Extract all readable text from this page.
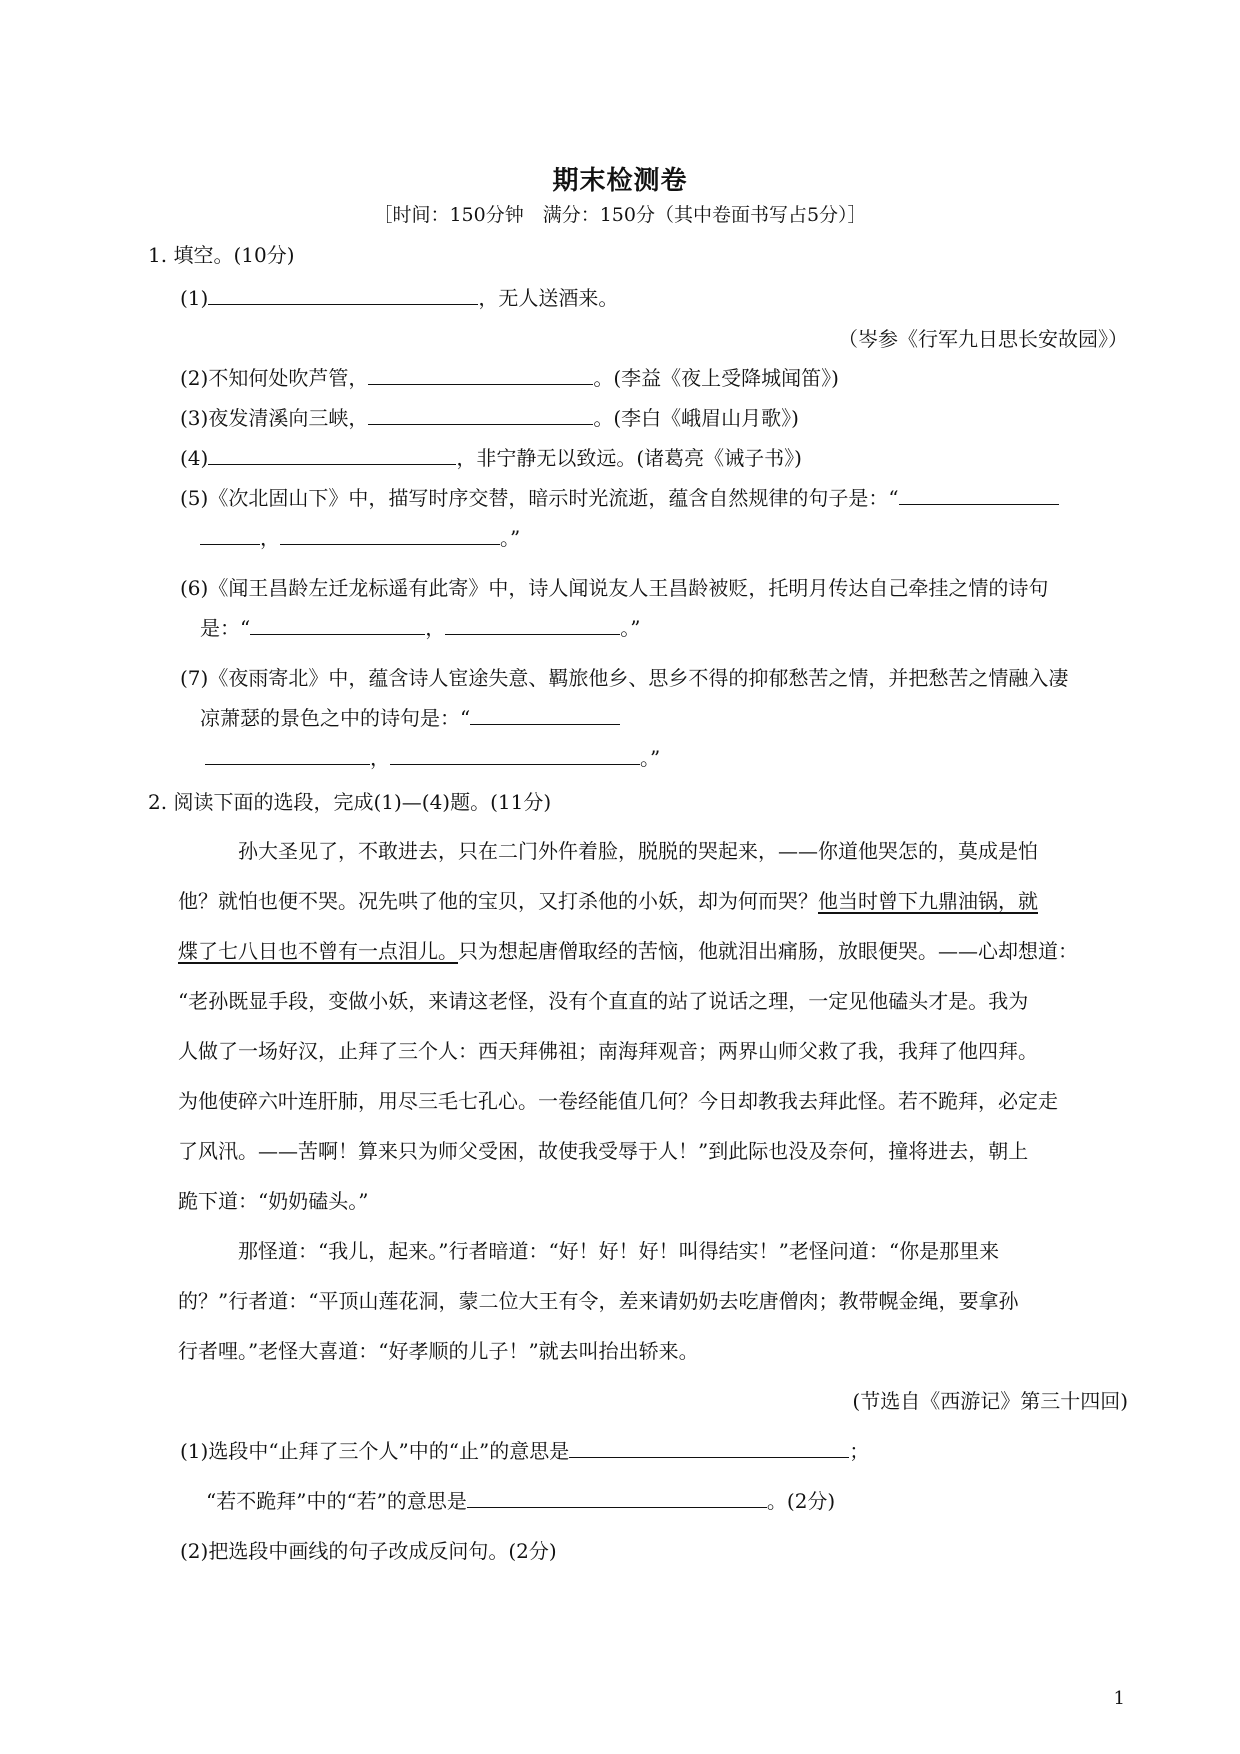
期末检测卷
［时间：150分钟　满分：150分（其中卷面书写占5分）］
1. 填空。(10分)
(1)	，无人送酒来。
（岑参《行军九日思长安故园》）
(2)不知何处吹芦管，	。(李益《夜上受降城闻笛》)
(3)夜发清溪向三峡，	。(李白《峨眉山月歌》)
(4)	，非宁静无以致远。(诸葛亮《诫子书》)
(5)《次北固山下》中，描写时序交替，暗示时光流逝，蕴含自然规律的句子是：“
，	。”
(6)《闻王昌龄左迁龙标遥有此寄》中，诗人闻说友人王昌龄被贬，托明月传达自己牵挂之情的诗句
是：“	，	。”
(7)《夜雨寄北》中，蕴含诗人宦途失意、羁旅他乡、思乡不得的抑郁愁苦之情，并把愁苦之情融入凄
凉萧瑟的景色之中的诗句是：“
，	。”
2. 阅读下面的选段，完成(1)—(4)题。(11分)
孙大圣见了，不敢进去，只在二门外仵着脸，脱脱的哭起来，——你道他哭怎的，莫成是怕
他？就怕也便不哭。况先哄了他的宝贝，又打杀他的小妖，却为何而哭？他当时曾下九鼎油锅，就
煠了七八日也不曾有一点泪儿。只为想起唐僧取经的苦恼，他就泪出痛肠，放眼便哭。——心却想道：
“老孙既显手段，变做小妖，来请这老怪，没有个直直的站了说话之理，一定见他磕头才是。我为
人做了一场好汉，止拜了三个人：西天拜佛祖；南海拜观音；两界山师父救了我，我拜了他四拜。
为他使碎六叶连肝肺，用尽三毛七孔心。一卷经能值几何？今日却教我去拜此怪。若不跪拜，必定走
了风汛。——苦啊！算来只为师父受困，故使我受辱于人！”到此际也没及奈何，撞将进去，朝上
跪下道：“奶奶磕头。”
那怪道：“我儿，起来。”行者暗道：“好！好！好！叫得结实！”老怪问道：“你是那里来
的？”行者道：“平顶山莲花洞，蒙二位大王有令，差来请奶奶去吃唐僧肉；教带幌金绳，要拿孙
行者哩。”老怪大喜道：“好孝顺的儿子！”就去叫抬出轿来。
(节选自《西游记》第三十四回)
(1)选段中“止拜了三个人”中的“止”的意思是	；
“若不跪拜”中的“若”的意思是	。(2分)
(2)把选段中画线的句子改成反问句。(2分)
1
